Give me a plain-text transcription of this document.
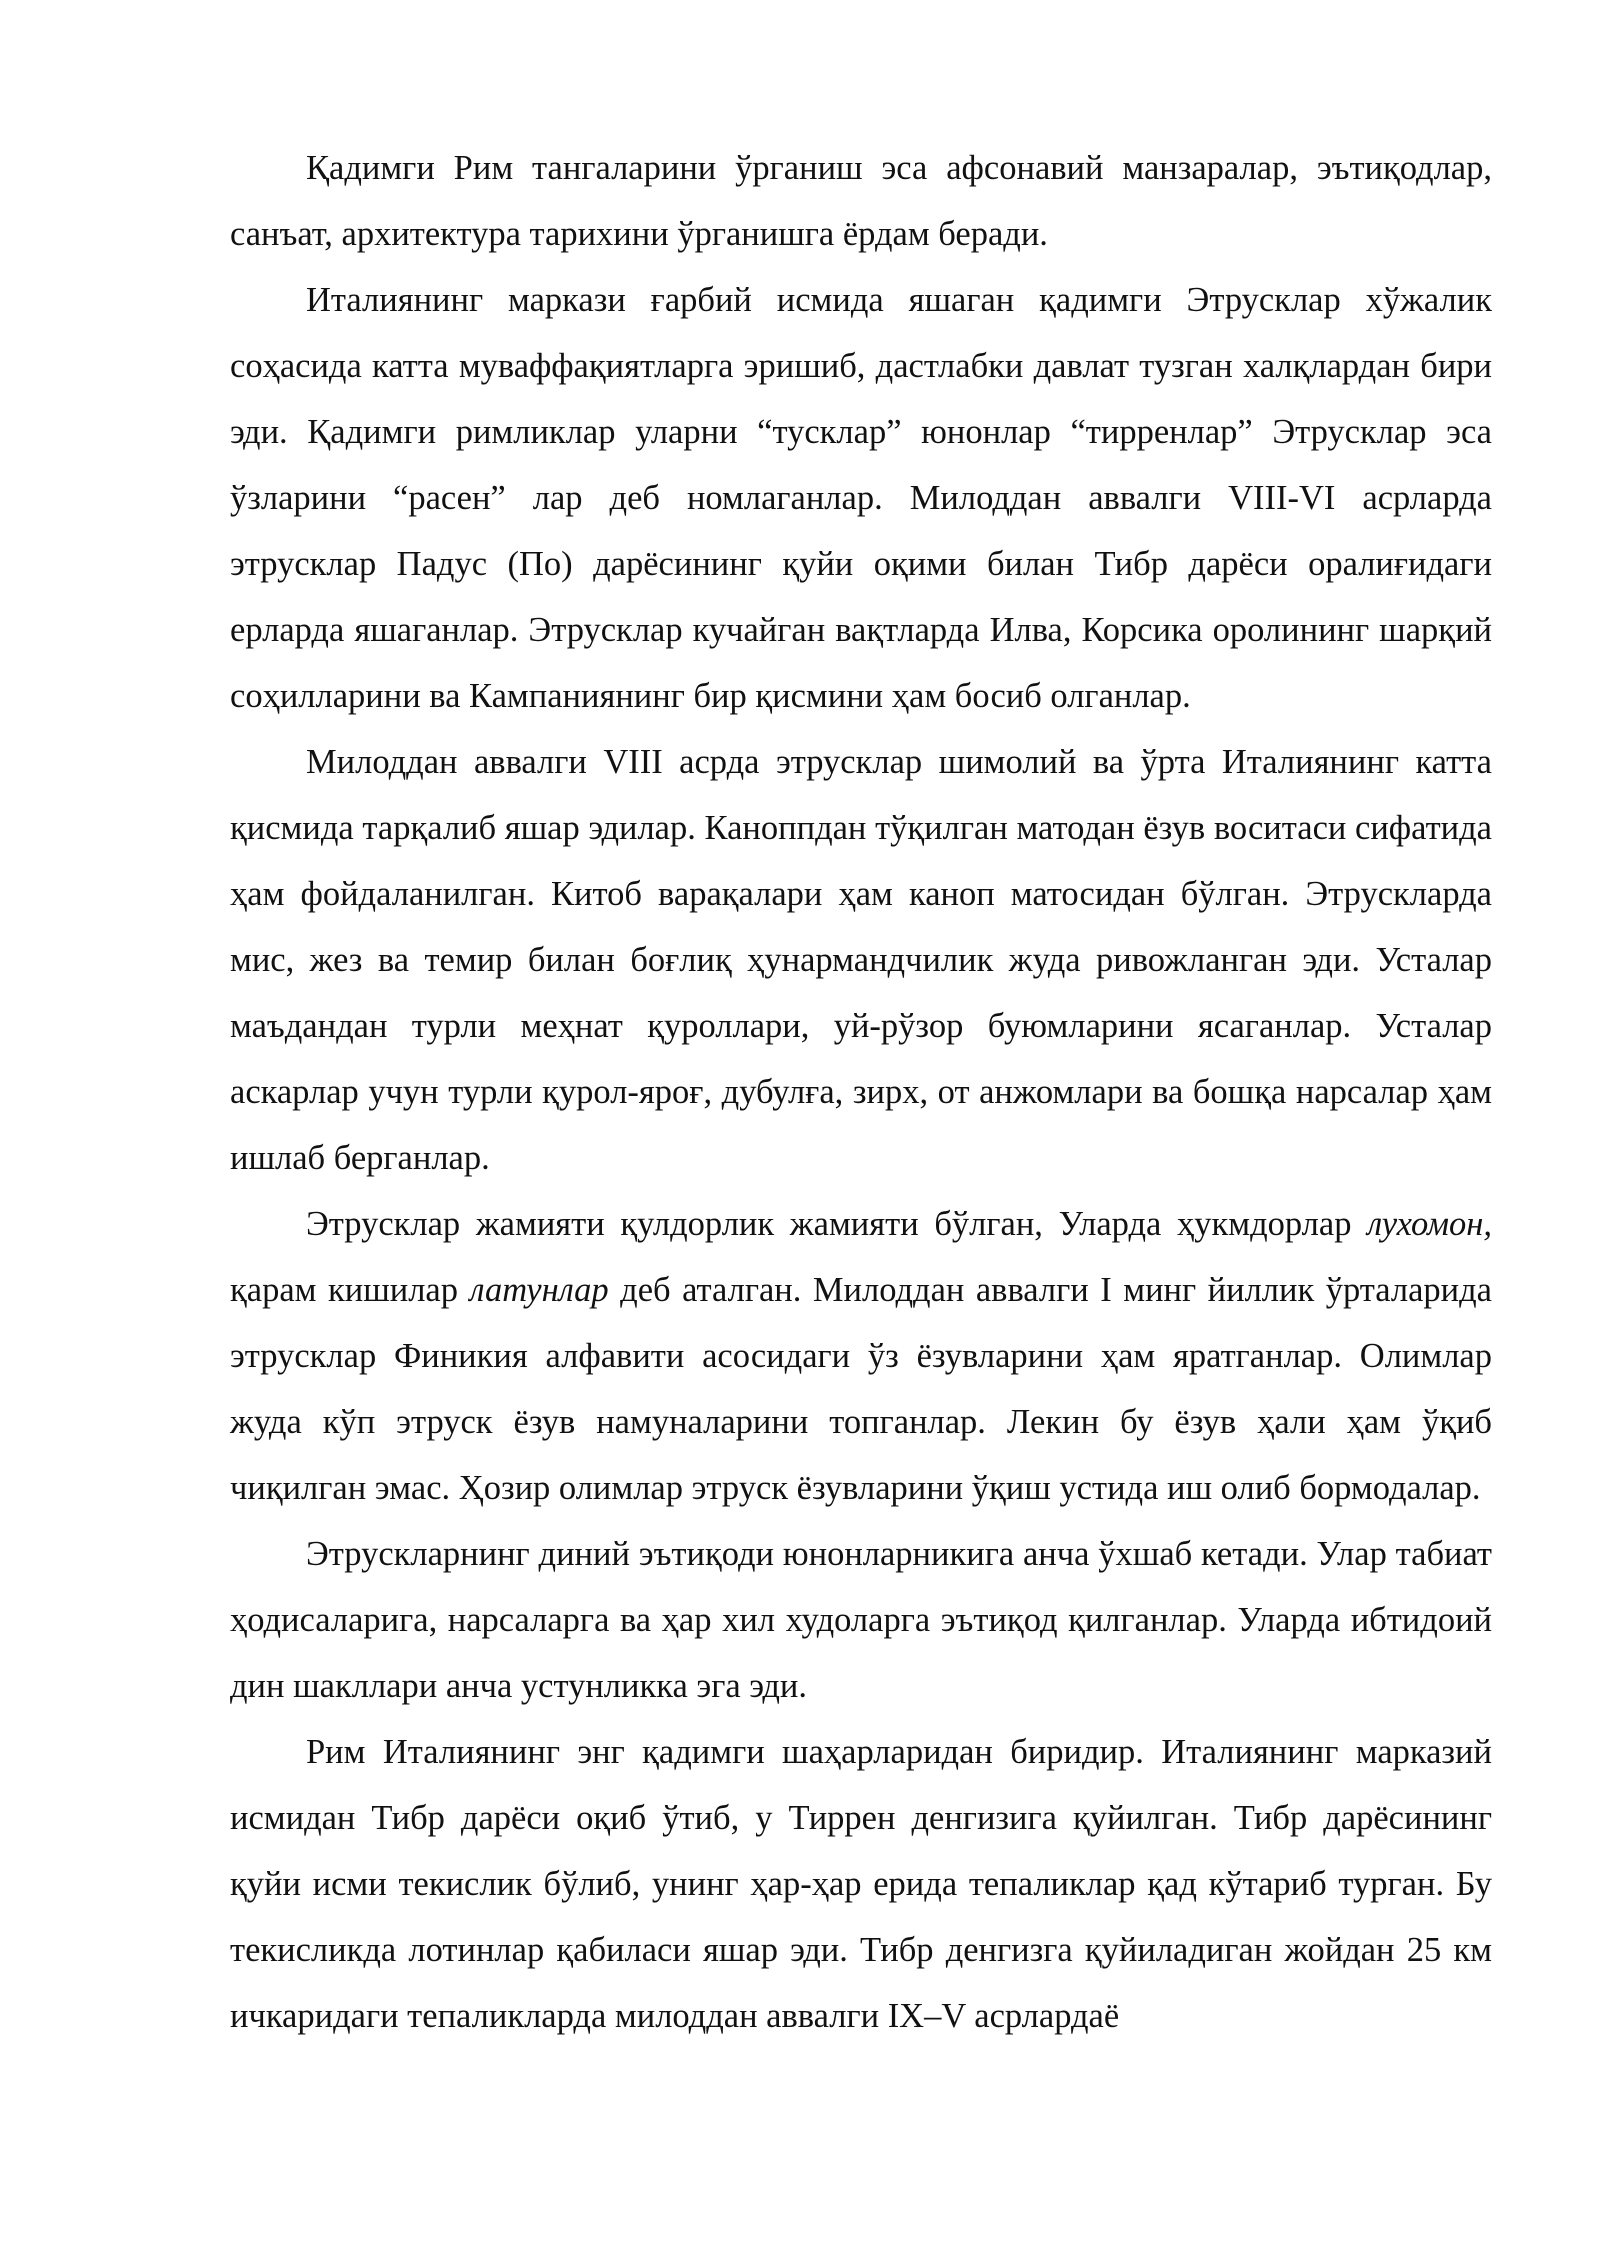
Қадимги Рим тангаларини ўрганиш эса афсонавий манзаралар, эътиқодлар, санъат, архитектура тарихини ўрганишга ёрдам беради.

Италиянинг маркази ғарбий исмида яшаган қадимги Этрусклар хўжалик соҳасида катта муваффақиятларга эришиб, дастлабки давлат тузган халқлардан бири эди. Қадимги римликлар уларни “тусклар” юнонлар “тирренлар” Этрусклар эса ўзларини “расен” лар деб номлаганлар. Милоддан аввалги VIII-VI асрларда этрусклар Падус (По) дарёсининг қуйи оқими билан Тибр дарёси оралиғидаги ерларда яшаганлар. Этрусклар кучайган вақтларда Илва, Корсика оролининг шарқий соҳилларини ва Кампаниянинг бир қисмини ҳам босиб олганлар.

Милоддан аввалги VIII асрда этрусклар шимолий ва ўрта Италиянинг катта қисмида тарқалиб яшар эдилар. Каноппдан тўқилган матодан ёзув воситаси сифатида ҳам фойдаланилган. Китоб варақалари ҳам каноп матосидан бўлган. Этрускларда мис, жез ва темир билан боғлиқ ҳунармандчилик жуда ривожланган эди. Усталар маъдандан турли меҳнат қуроллари, уй-рўзор буюмларини ясаганлар. Усталар аскарлар учун турли қурол-яроғ, дубулға, зирх, от анжомлари ва бошқа нарсалар ҳам ишлаб берганлар.

Этрусклар жамияти қулдорлик жамияти бўлган, Уларда ҳукмдорлар лухомон, қарам кишилар латунлар деб аталган. Милоддан аввалги I минг йиллик ўрталарида этрусклар Финикия алфавити асосидаги ўз ёзувларини ҳам яратганлар. Олимлар жуда кўп этруск ёзув намуналарини топганлар. Лекин бу ёзув ҳали ҳам ўқиб чиқилган эмас. Ҳозир олимлар этруск ёзувларини ўқиш устида иш олиб бормодалар.

Этрускларнинг диний эътиқоди юнонларникига анча ўхшаб кетади. Улар табиат ҳодисаларига, нарсаларга ва ҳар хил худоларга эътиқод қилганлар. Уларда ибтидоий дин шакллари анча устунликка эга эди.

Рим Италиянинг энг қадимги шаҳарларидан биридир. Италиянинг марказий исмидан Тибр дарёси оқиб ўтиб, у Тиррен денгизига қуйилган. Тибр дарёсининг қуйи исми текислик бўлиб, унинг ҳар-ҳар ерида тепаликлар қад кўтариб турган. Бу текисликда лотинлар қабиласи яшар эди. Тибр денгизга қуйиладиган жойдан 25 км ичкаридаги тепаликларда милоддан аввалги IX–V асрлардаё
